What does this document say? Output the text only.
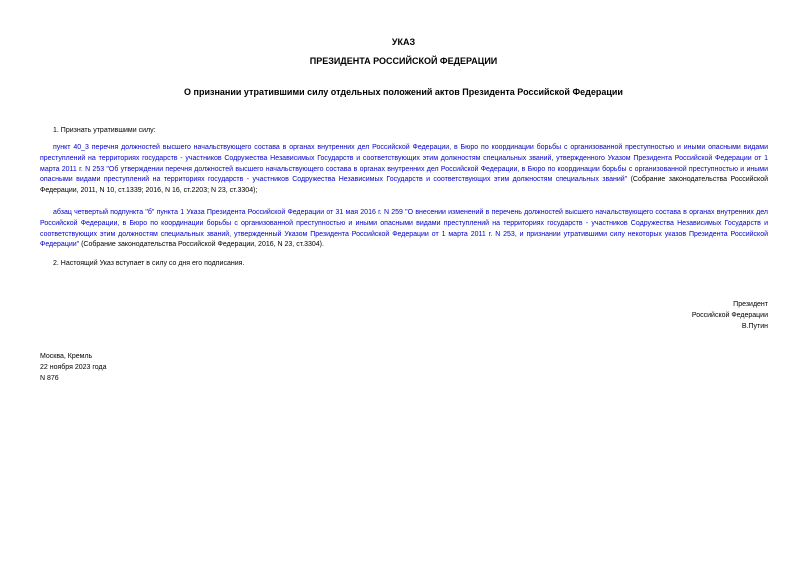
УКАЗ
ПРЕЗИДЕНТА РОССИЙСКОЙ ФЕДЕРАЦИИ
О признании утратившими силу отдельных положений актов Президента Российской Федерации
1. Признать утратившими силу:
пункт 40_3 перечня должностей высшего начальствующего состава в органах внутренних дел Российской Федерации, в Бюро по координации борьбы с организованной преступностью и иными опасными видами преступлений на территориях государств - участников Содружества Независимых Государств и соответствующих этим должностям специальных званий, утвержденного Указом Президента Российской Федерации от 1 марта 2011 г. N 253 "Об утверждении перечня должностей высшего начальствующего состава в органах внутренних дел Российской Федерации, в Бюро по координации борьбы с организованной преступностью и иными опасными видами преступлений на территориях государств - участников Содружества Независимых Государств и соответствующих этим должностям специальных званий" (Собрание законодательства Российской Федерации, 2011, N 10, ст.1339; 2016, N 16, ст.2203; N 23, ст.3304);
абзац четвертый подпункта "б" пункта 1 Указа Президента Российской Федерации от 31 мая 2016 г. N 259 "О внесении изменений в перечень должностей высшего начальствующего состава в органах внутренних дел Российской Федерации, в Бюро по координации борьбы с организованной преступностью и иными опасными видами преступлений на территориях государств - участников Содружества Независимых Государств и соответствующих этим должностям специальных званий, утвержденный Указом Президента Российской Федерации от 1 марта 2011 г. N 253, и признании утратившими силу некоторых указов Президента Российской Федерации" (Собрание законодательства Российской Федерации, 2016, N 23, ст.3304).
2. Настоящий Указ вступает в силу со дня его подписания.
Президент
Российской Федерации
В.Путин
Москва, Кремль
22 ноября 2023 года
N 876
